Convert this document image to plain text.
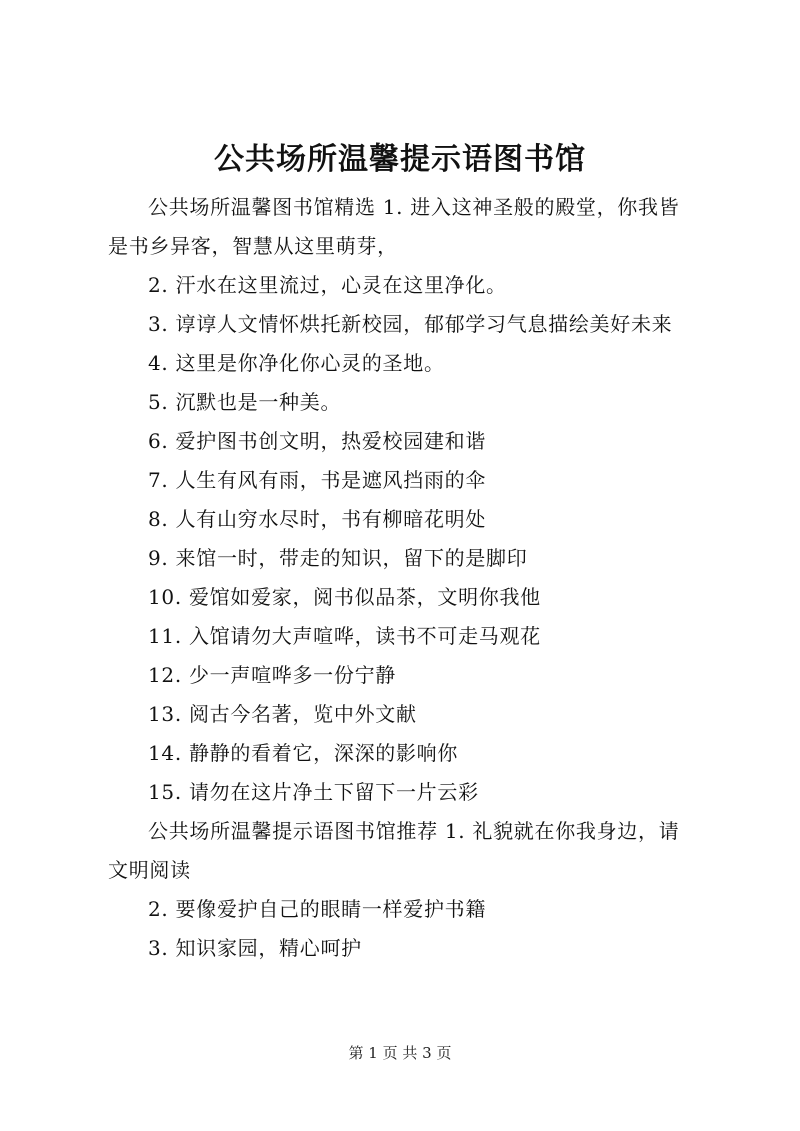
公共场所温馨提示语图书馆

公共场所温馨图书馆精选 1. 进入这神圣般的殿堂，你我皆是书乡异客，智慧从这里萌芽，

2. 汗水在这里流过，心灵在这里净化。

3. 谆谆人文情怀烘托新校园，郁郁学习气息描绘美好未来

4. 这里是你净化你心灵的圣地。

5. 沉默也是一种美。

6. 爱护图书创文明，热爱校园建和谐

7. 人生有风有雨，书是遮风挡雨的伞

8. 人有山穷水尽时，书有柳暗花明处

9. 来馆一时，带走的知识，留下的是脚印

10. 爱馆如爱家，阅书似品茶，文明你我他

11. 入馆请勿大声喧哗，读书不可走马观花

12. 少一声喧哗多一份宁静

13. 阅古今名著，览中外文献

14. 静静的看着它，深深的影响你

15. 请勿在这片净土下留下一片云彩

公共场所温馨提示语图书馆推荐 1. 礼貌就在你我身边，请文明阅读

2. 要像爱护自己的眼睛一样爱护书籍

3. 知识家园，精心呵护

第 1 页 共 3 页
